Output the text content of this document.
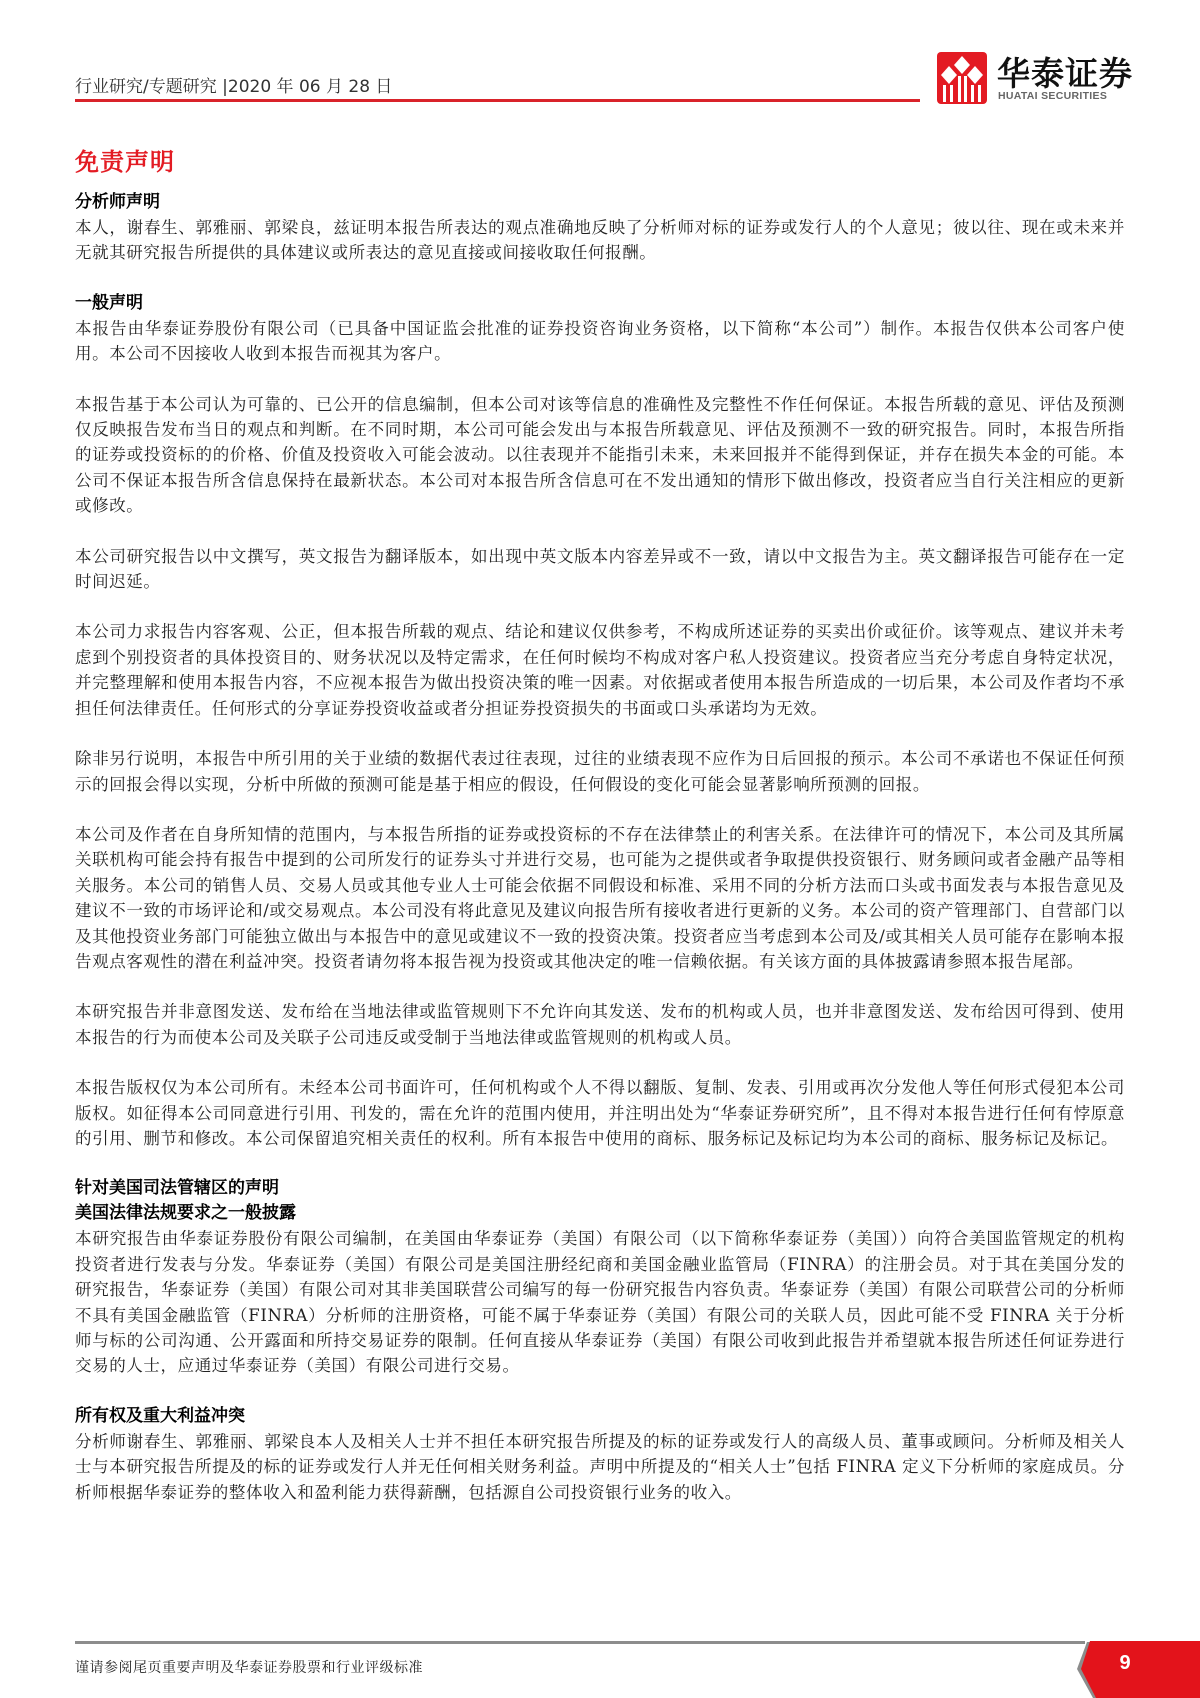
行业研究/专题研究 |2020 年 06 月 28 日	华泰证券
HUATAI SECURITIES
免责声明
分析师声明

本人，谢春生、郭雅丽、郭梁良，兹证明本报告所表达的观点准确地反映了分析师对标的证券或发行人的个人意见；彼以往、现在或未来并无就其研究报告所提供的具体建议或所表达的意见直接或间接收取任何报酬。

一般声明

本报告由华泰证券股份有限公司（已具备中国证监会批准的证券投资咨询业务资格，以下简称“本公司”）制作。本报告仅供本公司客户使用。本公司不因接收人收到本报告而视其为客户。

本报告基于本公司认为可靠的、已公开的信息编制，但本公司对该等信息的准确性及完整性不作任何保证。本报告所载的意见、评估及预测仅反映报告发布当日的观点和判断。在不同时期，本公司可能会发出与本报告所载意见、评估及预测不一致的研究报告。同时，本报告所指的证券或投资标的的价格、价值及投资收入可能会波动。以往表现并不能指引未来，未来回报并不能得到保证，并存在损失本金的可能。本公司不保证本报告所含信息保持在最新状态。本公司对本报告所含信息可在不发出通知的情形下做出修改，投资者应当自行关注相应的更新或修改。

本公司研究报告以中文撰写，英文报告为翻译版本，如出现中英文版本内容差异或不一致，请以中文报告为主。英文翻译报告可能存在一定时间迟延。

本公司力求报告内容客观、公正，但本报告所载的观点、结论和建议仅供参考，不构成所述证券的买卖出价或征价。该等观点、建议并未考虑到个别投资者的具体投资目的、财务状况以及特定需求，在任何时候均不构成对客户私人投资建议。投资者应当充分考虑自身特定状况，并完整理解和使用本报告内容，不应视本报告为做出投资决策的唯一因素。对依据或者使用本报告所造成的一切后果，本公司及作者均不承担任何法律责任。任何形式的分享证券投资收益或者分担证券投资损失的书面或口头承诺均为无效。

除非另行说明，本报告中所引用的关于业绩的数据代表过往表现，过往的业绩表现不应作为日后回报的预示。本公司不承诺也不保证任何预示的回报会得以实现，分析中所做的预测可能是基于相应的假设，任何假设的变化可能会显著影响所预测的回报。

本公司及作者在自身所知情的范围内，与本报告所指的证券或投资标的不存在法律禁止的利害关系。在法律许可的情况下，本公司及其所属关联机构可能会持有报告中提到的公司所发行的证券头寸并进行交易，也可能为之提供或者争取提供投资银行、财务顾问或者金融产品等相关服务。本公司的销售人员、交易人员或其他专业人士可能会依据不同假设和标准、采用不同的分析方法而口头或书面发表与本报告意见及建议不一致的市场评论和/或交易观点。本公司没有将此意见及建议向报告所有接收者进行更新的义务。本公司的资产管理部门、自营部门以及其他投资业务部门可能独立做出与本报告中的意见或建议不一致的投资决策。投资者应当考虑到本公司及/或其相关人员可能存在影响本报告观点客观性的潜在利益冲突。投资者请勿将本报告视为投资或其他决定的唯一信赖依据。有关该方面的具体披露请参照本报告尾部。

本研究报告并非意图发送、发布给在当地法律或监管规则下不允许向其发送、发布的机构或人员，也并非意图发送、发布给因可得到、使用本报告的行为而使本公司及关联子公司违反或受制于当地法律或监管规则的机构或人员。

本报告版权仅为本公司所有。未经本公司书面许可，任何机构或个人不得以翻版、复制、发表、引用或再次分发他人等任何形式侵犯本公司版权。如征得本公司同意进行引用、刊发的，需在允许的范围内使用，并注明出处为“华泰证券研究所”，且不得对本报告进行任何有悖原意的引用、删节和修改。本公司保留追究相关责任的权利。所有本报告中使用的商标、服务标记及标记均为本公司的商标、服务标记及标记。

针对美国司法管辖区的声明
美国法律法规要求之一般披露

本研究报告由华泰证券股份有限公司编制，在美国由华泰证券（美国）有限公司（以下简称华泰证券（美国））向符合美国监管规定的机构投资者进行发表与分发。华泰证券（美国）有限公司是美国注册经纪商和美国金融业监管局（FINRA）的注册会员。对于其在美国分发的研究报告，华泰证券（美国）有限公司对其非美国联营公司编写的每一份研究报告内容负责。华泰证券（美国）有限公司联营公司的分析师不具有美国金融监管（FINRA）分析师的注册资格，可能不属于华泰证券（美国）有限公司的关联人员，因此可能不受 FINRA 关于分析师与标的公司沟通、公开露面和所持交易证券的限制。任何直接从华泰证券（美国）有限公司收到此报告并希望就本报告所述任何证券进行交易的人士，应通过华泰证券（美国）有限公司进行交易。

所有权及重大利益冲突

分析师谢春生、郭雅丽、郭梁良本人及相关人士并不担任本研究报告所提及的标的证券或发行人的高级人员、董事或顾问。分析师及相关人士与本研究报告所提及的标的证券或发行人并无任何相关财务利益。声明中所提及的“相关人士”包括 FINRA 定义下分析师的家庭成员。分析师根据华泰证券的整体收入和盈利能力获得薪酬，包括源自公司投资银行业务的收入。

谨请参阅尾页重要声明及华泰证券股票和行业评级标准	9
